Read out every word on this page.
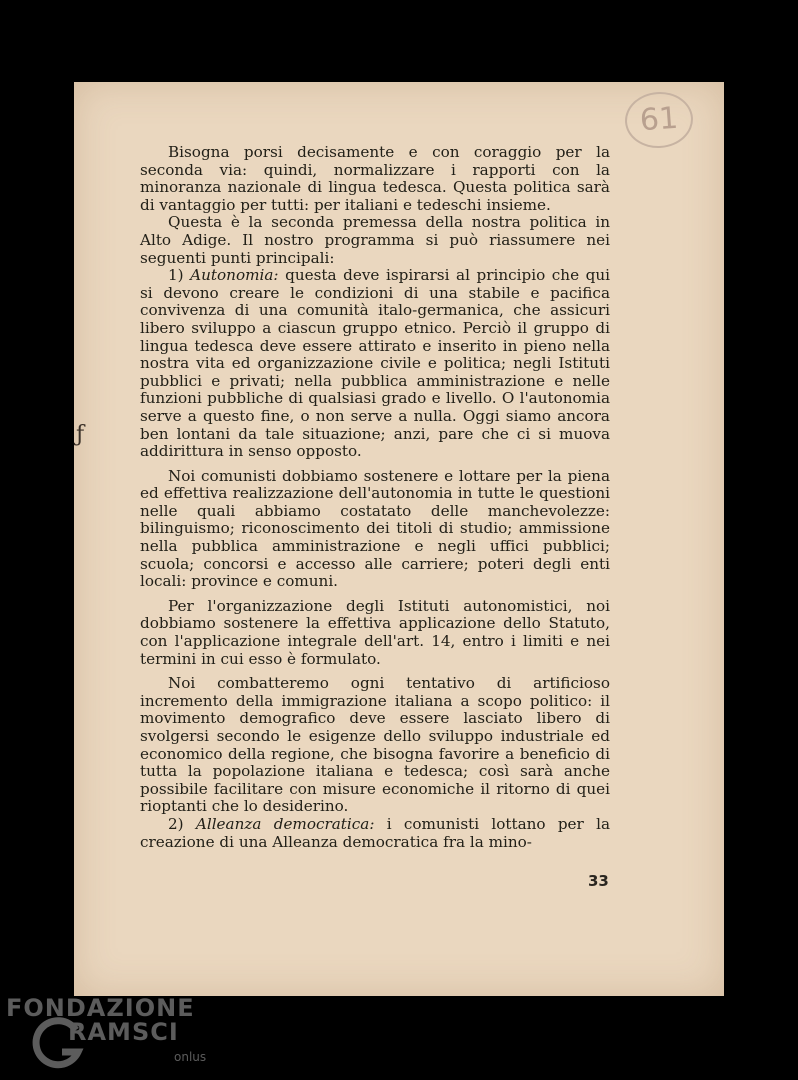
61
ƒ

Bisogna porsi decisamente e con coraggio per la seconda via: quindi, normalizzare i rapporti con la minoranza nazionale di lingua tedesca. Questa politica sarà di vantaggio per tutti: per italiani e tedeschi insieme.

Questa è la seconda premessa della nostra politica in Alto Adige. Il nostro programma si può riassumere nei seguenti punti principali:

1) Autonomia: questa deve ispirarsi al principio che qui si devono creare le condizioni di una stabile e pacifica convivenza di una comunità italo-germanica, che assicuri libero sviluppo a ciascun gruppo etnico. Perciò il gruppo di lingua tedesca deve essere attirato e inserito in pieno nella nostra vita ed organizzazione civile e politica; negli Istituti pubblici e privati; nella pubblica amministrazione e nelle funzioni pubbliche di qualsiasi grado e livello. O l'autonomia serve a questo fine, o non serve a nulla. Oggi siamo ancora ben lontani da tale situazione; anzi, pare che ci si muova addirittura in senso opposto.

Noi comunisti dobbiamo sostenere e lottare per la piena ed effettiva realizzazione dell'autonomia in tutte le questioni nelle quali abbiamo costatato delle manchevolezze: bilinguismo; riconoscimento dei titoli di studio; ammissione nella pubblica amministrazione e negli uffici pubblici; scuola; concorsi e accesso alle carriere; poteri degli enti locali: province e comuni.

Per l'organizzazione degli Istituti autonomistici, noi dobbiamo sostenere la effettiva applicazione dello Statuto, con l'applicazione integrale dell'art. 14, entro i limiti e nei termini in cui esso è formulato.

Noi combatteremo ogni tentativo di artificioso incremento della immigrazione italiana a scopo politico: il movimento demografico deve essere lasciato libero di svolgersi secondo le esigenze dello sviluppo industriale ed economico della regione, che bisogna favorire a beneficio di tutta la popolazione italiana e tedesca; così sarà anche possibile facilitare con misure economiche il ritorno di quei rioptanti che lo desiderino.

2) Alleanza democratica: i comunisti lottano per la creazione di una Alleanza democratica fra la mino-

33
FONDAZIONE
RAMSCI
onlus
